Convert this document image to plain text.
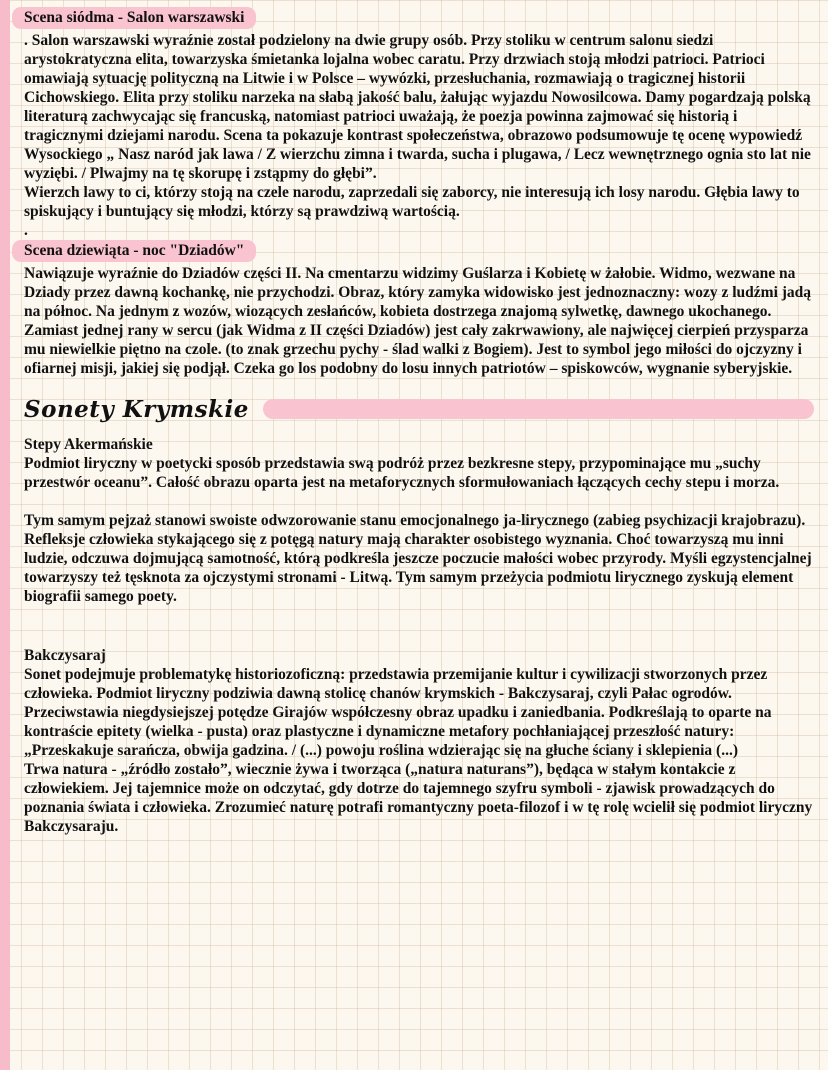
Scena siódma - Salon warszawski

. Salon warszawski wyraźnie został podzielony na dwie grupy osób. Przy stoliku w centrum salonu siedzi arystokratyczna elita, towarzyska śmietanka lojalna wobec caratu. Przy drzwiach stoją młodzi patrioci. Patrioci omawiają sytuację polityczną na Litwie i w Polsce – wywózki, przesłuchania, rozmawiają o tragicznej historii Cichowskiego. Elita przy stoliku narzeka na słabą jakość balu, żałując wyjazdu Nowosilcowa. Damy pogardzają polską literaturą zachwycając się francuską, natomiast patrioci uważają, że poezja powinna zajmować się historią i tragicznymi dziejami narodu. Scena ta pokazuje kontrast społeczeństwa, obrazowo podsumowuje tę ocenę wypowiedź Wysockiego „ Nasz naród jak lawa / Z wierzchu zimna i twarda, sucha i plugawa, / Lecz wewnętrznego ognia sto lat nie wyziębi. / Plwajmy na tę skorupę i zstąpmy do głębi”.

Wierzch lawy to ci, którzy stoją na czele narodu, zaprzedali się zaborcy, nie interesują ich losy narodu. Głębia lawy to spiskujący i buntujący się młodzi, którzy są prawdziwą wartością.

.

Scena dziewiąta - noc "Dziadów"

Nawiązuje wyraźnie do Dziadów części II. Na cmentarzu widzimy Guślarza i Kobietę w żałobie. Widmo, wezwane na Dziady przez dawną kochankę, nie przychodzi. Obraz, który zamyka widowisko jest jednoznaczny: wozy z ludźmi jadą na północ. Na jednym z wozów, wiozących zesłańców, kobieta dostrzega znajomą sylwetkę, dawnego ukochanego. Zamiast jednej rany w sercu (jak Widma z II części Dziadów) jest cały zakrwawiony, ale najwięcej cierpień przysparza mu niewielkie piętno na czole. (to znak grzechu pychy - ślad walki z Bogiem). Jest to symbol jego miłości do ojczyzny i ofiarnej misji, jakiej się podjął. Czeka go los podobny do losu innych patriotów – spiskowców, wygnanie syberyjskie.

Sonety Krymskie
Stepy Akermańskie

Podmiot liryczny w poetycki sposób przedstawia swą podróż przez bezkresne stepy, przypominające mu „suchy przestwór oceanu”. Całość obrazu oparta jest na metaforycznych sformułowaniach łączących cechy stepu i morza.

Tym samym pejzaż stanowi swoiste odwzorowanie stanu emocjonalnego ja-lirycznego (zabieg psychizacji krajobrazu). Refleksje człowieka stykającego się z potęgą natury mają charakter osobistego wyznania. Choć towarzyszą mu inni ludzie, odczuwa dojmującą samotność, którą podkreśla jeszcze poczucie małości wobec przyrody. Myśli egzystencjalnej towarzyszy też tęsknota za ojczystymi stronami - Litwą. Tym samym przeżycia podmiotu lirycznego zyskują element biografii samego poety.

Bakczysaraj

Sonet podejmuje problematykę historiozoficzną: przedstawia przemijanie kultur i cywilizacji stworzonych przez człowieka. Podmiot liryczny podziwia dawną stolicę chanów krymskich - Bakczysaraj, czyli Pałac ogrodów. Przeciwstawia niegdysiejszej potędze Girajów współczesny obraz upadku i zaniedbania. Podkreślają to oparte na kontraście epitety (wielka - pusta) oraz plastyczne i dynamiczne metafory pochłaniającej przeszłość natury: „Przeskakuje sarańcza, obwija gadzina. / (...) powoju roślina wdzierając się na głuche ściany i sklepienia (...)

Trwa natura - „źródło zostało”, wiecznie żywa i tworząca („natura naturans”), będąca w stałym kontakcie z człowiekiem. Jej tajemnice może on odczytać, gdy dotrze do tajemnego szyfru symboli - zjawisk prowadzących do poznania świata i człowieka. Zrozumieć naturę potrafi romantyczny poeta-filozof i w tę rolę wcielił się podmiot liryczny Bakczysaraju.
